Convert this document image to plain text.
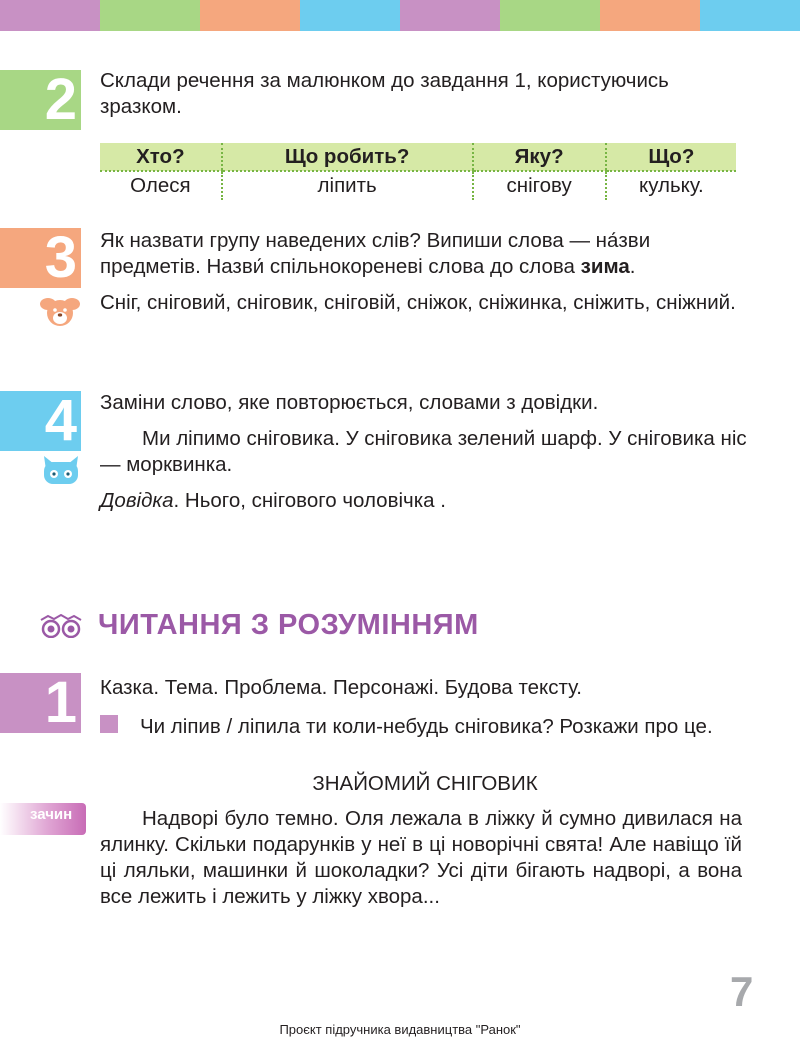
2 Склади речення за малюнком до завдання 1, користуючись зразком.

Хто?	Що робить?	Яку?	Що?
Олеся	ліпить	снігову	кульку.
3 Як назвати групу наведених слів? Випиши слова — на́зви предметів. Назви́ спільнокореневі слова до слова зима.

Сніг, сніговий, сніговик, сніговій, сніжок, сніжинка, сніжить, сніжний.

4 Заміни слово, яке повторюється, словами з довідки.

Ми ліпимо сніговика. У сніговика зелений шарф. У сніговика ніс — морквинка.

Довідка. Нього, снігового чоловічка .

ЧИТАННЯ З РОЗУМІННЯМ
1 Казка. Тема. Проблема. Персонажі. Будова тексту.

Чи ліпив / ліпила ти коли-небудь сніговика? Розкажи про це.

ЗНАЙОМИЙ СНІГОВИК
зачин	Надворі було темно. Оля лежала в ліжку й сумно дивилася на ялинку. Скільки подарунків у неї в ці новорічні свята! Але навіщо їй ці ляльки, машинки й шоколадки? Усі діти бігають надворі, а вона все лежить і лежить у ліжку хвора...

7
Проєкт підручника видавництва "Ранок"
